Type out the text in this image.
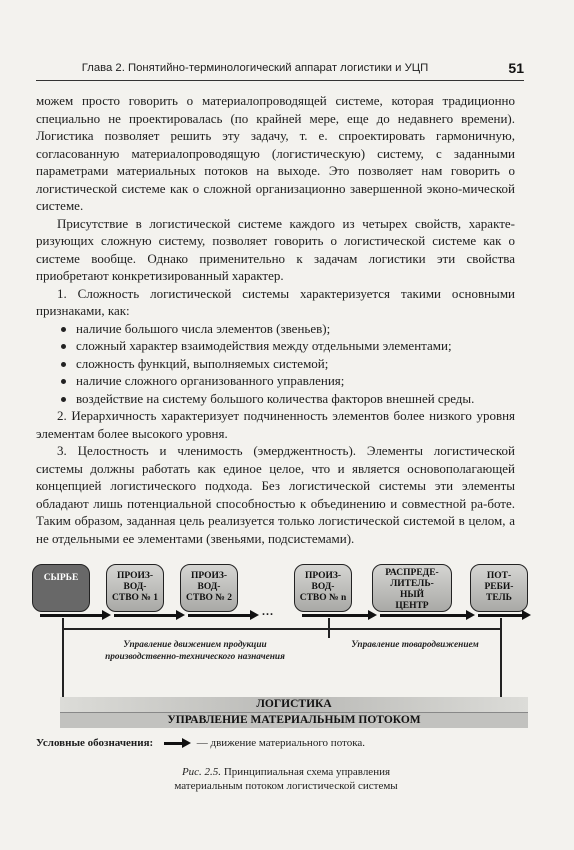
Глава 2. Понятийно-терминологический аппарат логистики и УЦП	51

можем просто говорить о материалопроводящей системе, которая традиционно специально не проектировалась (по крайней мере, еще до недавнего времени). Логистика позволяет решить эту задачу, т. е. спроектировать гармоничную, согласованную материалопроводящую (логистическую) систему, с заданными параметрами материальных потоков на выходе. Это позволяет нам говорить о логистической системе как о сложной организационно завершенной эконо-мической системе.

Присутствие в логистической системе каждого из четырех свойств, характе-ризующих сложную систему, позволяет говорить о логистической системе как о системе вообще. Однако применительно к задачам логистики эти свойства приобретают конкретизированный характер.

1. Сложность логистической системы характеризуется такими основными признаками, как:

наличие большого числа элементов (звеньев);
сложный характер взаимодействия между отдельными элементами;
сложность функций, выполняемых системой;
наличие сложного организованного управления;
воздействие на систему большого количества факторов внешней среды.

2. Иерархичность характеризует подчиненность элементов более низкого уровня элементам более высокого уровня.

3. Целостность и членимость (эмерджентность). Элементы логистической системы должны работать как единое целое, что и является основополагающей концепцией логистического подхода. Без логистической системы эти элементы обладают лишь потенциальной способностью к объединению и совместной ра-боте. Таким образом, заданная цель реализуется только логистической системой в целом, а не отдельными ее элементами (звеньями, подсистемами).

СЫРЬЕ	ПРОИЗ-
ВОД-
СТВО № 1
ПРОИЗ-
ВОД-
СТВО № 2
ПРОИЗ-
ВОД-
СТВО № n
РАСПРЕДЕ-
ЛИТЕЛЬ-
НЫЙ
ЦЕНТР
ПОТ-
РЕБИ-
ТЕЛЬ
...
Управление движением продукции
производственно-технического назначения
Управление товародвижением
ЛОГИСТИКА
УПРАВЛЕНИЕ МАТЕРИАЛЬНЫМ ПОТОКОМ
Условные обозначения:	— движение материального потока.
Рис. 2.5. Принципиальная схема управления
материальным потоком логистической системы
